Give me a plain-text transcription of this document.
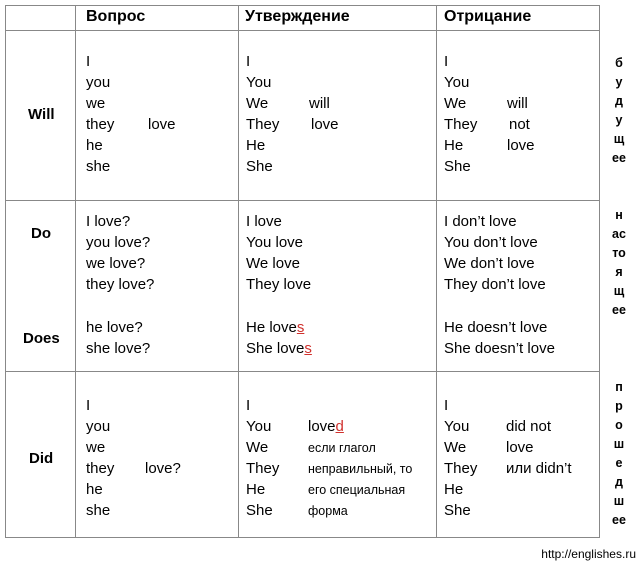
Вопрос	Утверждение	Отрицание
Will
I
you
we
they
he
she
love
I
You
We
They
He
She
will
love
I
You
We
They
He
She
will
not
love
будущее
Do
Does
I love?
you love?
we love?
they love?
he love?
she love?
I love
You love
We love
They love
He loves
She loves
I don’t love
You don’t love
We don’t love
They don’t love
He doesn’t love
She doesn’t love
настоящее
Did
I
you
we
they
he
she
love?
I
You
We
They
He
She
loved
если глагол
неправильный, то
его специальная
форма
I
You
We
They
He
She
did not
love
или didn’t
прошедшее
http://englishes.ru
